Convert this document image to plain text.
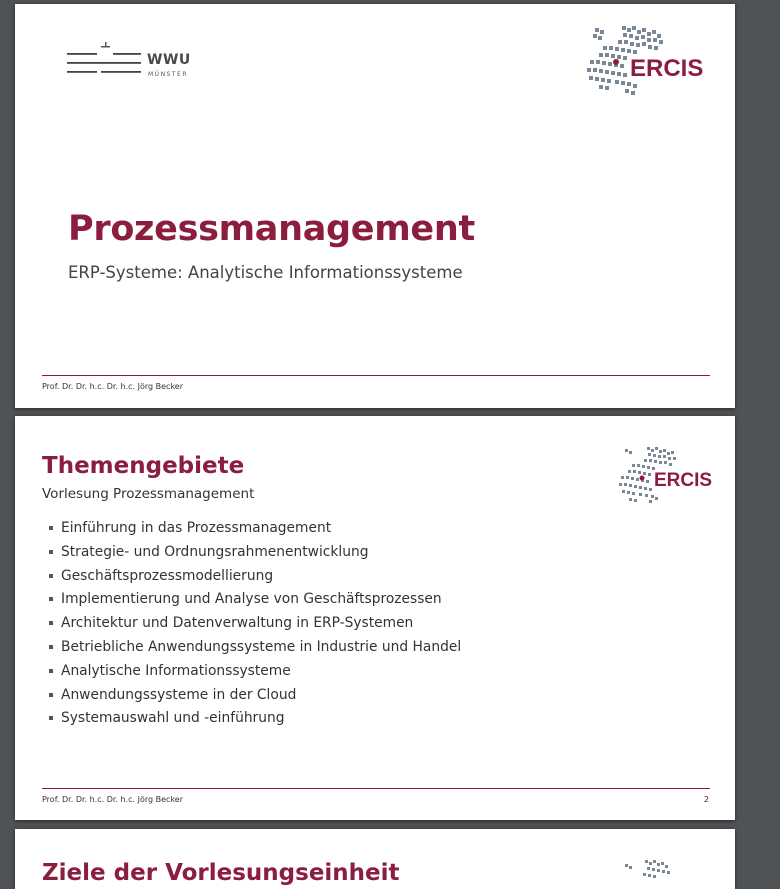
WWU
MÜNSTER	ERCIS
Prozessmanagement
ERP-Systeme: Analytische Informationssysteme
Prof. Dr. Dr. h.c. Dr. h.c. Jörg Becker
Themengebiete
Vorlesung Prozessmanagement
ERCIS
Einführung in das Prozessmanagement
Strategie- und Ordnungsrahmenentwicklung
Geschäftsprozessmodellierung
Implementierung und Analyse von Geschäftsprozessen
Architektur und Datenverwaltung in ERP-Systemen
Betriebliche Anwendungssysteme in Industrie und Handel
Analytische Informationssysteme
Anwendungssysteme in der Cloud
Systemauswahl und -einführung
Prof. Dr. Dr. h.c. Dr. h.c. Jörg Becker	2
Ziele der Vorlesungseinheit
